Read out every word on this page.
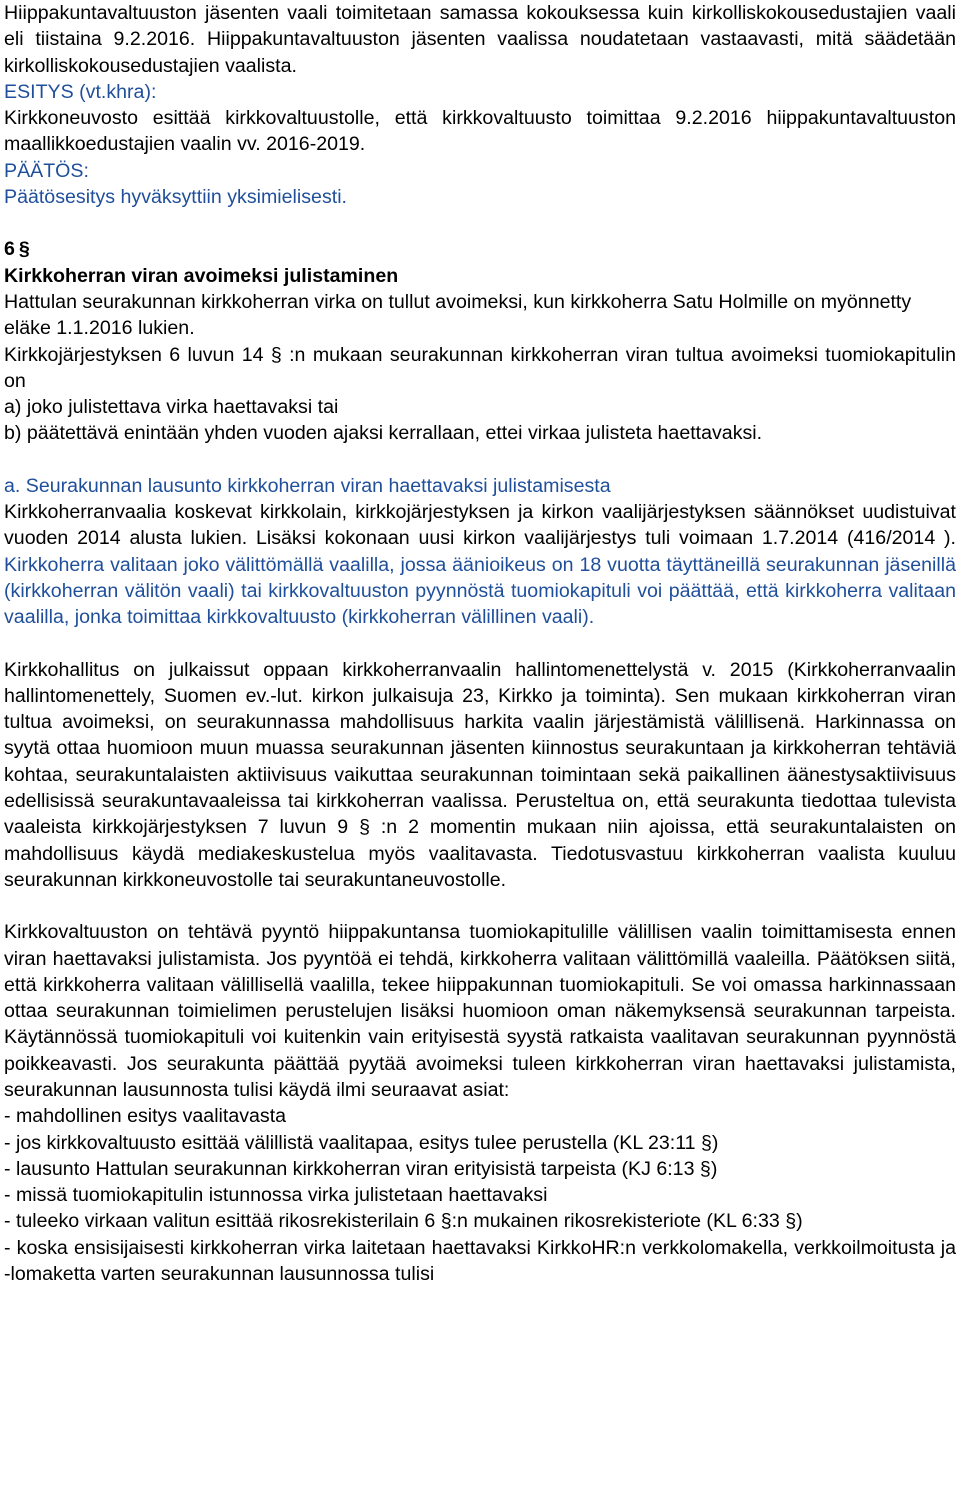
Hiippakuntavaltuuston jäsenten vaali toimitetaan samassa kokouksessa kuin kirkolliskokousedustajien vaali eli tiistaina 9.2.2016. Hiippakuntavaltuuston jäsenten vaalissa noudatetaan vastaavasti, mitä säädetään kirkolliskokousedustajien vaalista.

ESITYS (vt.khra):

Kirkkoneuvosto esittää kirkkovaltuustolle, että kirkkovaltuusto toimittaa 9.2.2016 hiippakuntavaltuuston maallikkoedustajien vaalin vv. 2016-2019.

PÄÄTÖS:

Päätösesitys hyväksyttiin yksimielisesti.

6 §

Kirkkoherran viran avoimeksi julistaminen

Hattulan seurakunnan kirkkoherran virka on tullut avoimeksi, kun kirkkoherra Satu Holmille on myönnetty eläke 1.1.2016 lukien.

Kirkkojärjestyksen 6 luvun 14 § :n mukaan seurakunnan kirkkoherran viran tultua avoimeksi tuomiokapitulin on

a) joko julistettava virka haettavaksi tai

b) päätettävä enintään yhden vuoden ajaksi kerrallaan, ettei virkaa julisteta haettavaksi.

a. Seurakunnan lausunto kirkkoherran viran haettavaksi julistamisesta

Kirkkoherranvaalia koskevat kirkkolain, kirkkojärjestyksen ja kirkon vaalijärjestyksen säännökset uudistuivat vuoden 2014 alusta lukien. Lisäksi kokonaan uusi kirkon vaalijärjestys tuli voimaan 1.7.2014 (416/2014 ). Kirkkoherra valitaan joko välittömällä vaalilla, jossa äänioikeus on 18 vuotta täyttäneillä seurakunnan jäsenillä (kirkkoherran välitön vaali) tai kirkkovaltuuston pyynnöstä tuomiokapituli voi päättää, että kirkkoherra valitaan vaalilla, jonka toimittaa kirkkovaltuusto (kirkkoherran välillinen vaali).

Kirkkohallitus on julkaissut oppaan kirkkoherranvaalin hallintomenettelystä v. 2015 (Kirkkoherranvaalin hallintomenettely, Suomen ev.-lut. kirkon julkaisuja 23, Kirkko ja toiminta). Sen mukaan kirkkoherran viran tultua avoimeksi, on seurakunnassa mahdollisuus harkita vaalin järjestämistä välillisenä. Harkinnassa on syytä ottaa huomioon muun muassa seurakunnan jäsenten kiinnostus seurakuntaan ja kirkkoherran tehtäviä kohtaa, seurakuntalaisten aktiivisuus vaikuttaa seurakunnan toimintaan sekä paikallinen äänestysaktiivisuus edellisissä seurakuntavaaleissa tai kirkkoherran vaalissa. Perusteltua on, että seurakunta tiedottaa tulevista vaaleista kirkkojärjestyksen 7 luvun 9 § :n 2 momentin mukaan niin ajoissa, että seurakuntalaisten on mahdollisuus käydä mediakeskustelua myös vaalitavasta. Tiedotusvastuu kirkkoherran vaalista kuuluu seurakunnan kirkkoneuvostolle tai seurakuntaneuvostolle.

Kirkkovaltuuston on tehtävä pyyntö hiippakuntansa tuomiokapitulille välillisen vaalin toimittamisesta ennen viran haettavaksi julistamista. Jos pyyntöä ei tehdä, kirkkoherra valitaan välittömillä vaaleilla. Päätöksen siitä, että kirkkoherra valitaan välillisellä vaalilla, tekee hiippakunnan tuomiokapituli. Se voi omassa harkinnassaan ottaa seurakunnan toimielimen perustelujen lisäksi huomioon oman näkemyksensä seurakunnan tarpeista. Käytännössä tuomiokapituli voi kuitenkin vain erityisestä syystä ratkaista vaalitavan seurakunnan pyynnöstä poikkeavasti. Jos seurakunta päättää pyytää avoimeksi tuleen kirkkoherran viran haettavaksi julistamista, seurakunnan lausunnosta tulisi käydä ilmi seuraavat asiat:

- mahdollinen esitys vaalitavasta

- jos kirkkovaltuusto esittää välillistä vaalitapaa, esitys tulee perustella (KL 23:11 §)

- lausunto Hattulan seurakunnan kirkkoherran viran erityisistä tarpeista (KJ 6:13 §)

- missä tuomiokapitulin istunnossa virka julistetaan haettavaksi

- tuleeko virkaan valitun esittää rikosrekisterilain 6 §:n mukainen rikosrekisteriote (KL 6:33 §)

- koska ensisijaisesti kirkkoherran virka laitetaan haettavaksi KirkkoHR:n verkkolomakella, verkkoilmoitusta ja -lomaketta varten seurakunnan lausunnossa tulisi
